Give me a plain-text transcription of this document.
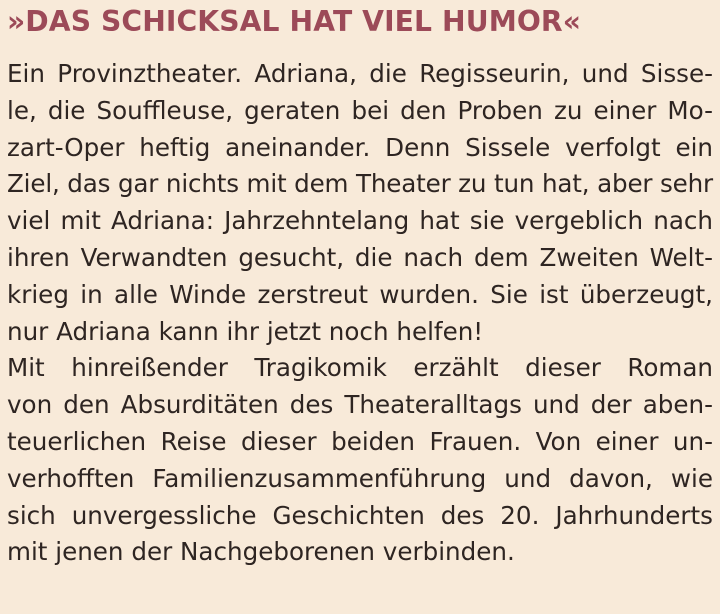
»DAS SCHICKSAL HAT VIEL HUMOR«
Ein Provinztheater. Adriana, die Regisseurin, und Sisse-
le, die Souffleuse, geraten bei den Proben zu einer Mo-
zart-Oper heftig aneinander. Denn Sissele verfolgt ein
Ziel, das gar nichts mit dem Theater zu tun hat, aber sehr
viel mit Adriana: Jahrzehntelang hat sie vergeblich nach
ihren Verwandten gesucht, die nach dem Zweiten Welt-
krieg in alle Winde zerstreut wurden. Sie ist überzeugt,
nur Adriana kann ihr jetzt noch helfen!
Mit hinreißender Tragikomik erzählt dieser Roman
von den Absurditäten des Theateralltags und der aben-
teuerlichen Reise dieser beiden Frauen. Von einer un-
verhofften Familienzusammenführung und davon, wie
sich unvergessliche Geschichten des 20. Jahrhunderts
mit jenen der Nachgeborenen verbinden.
